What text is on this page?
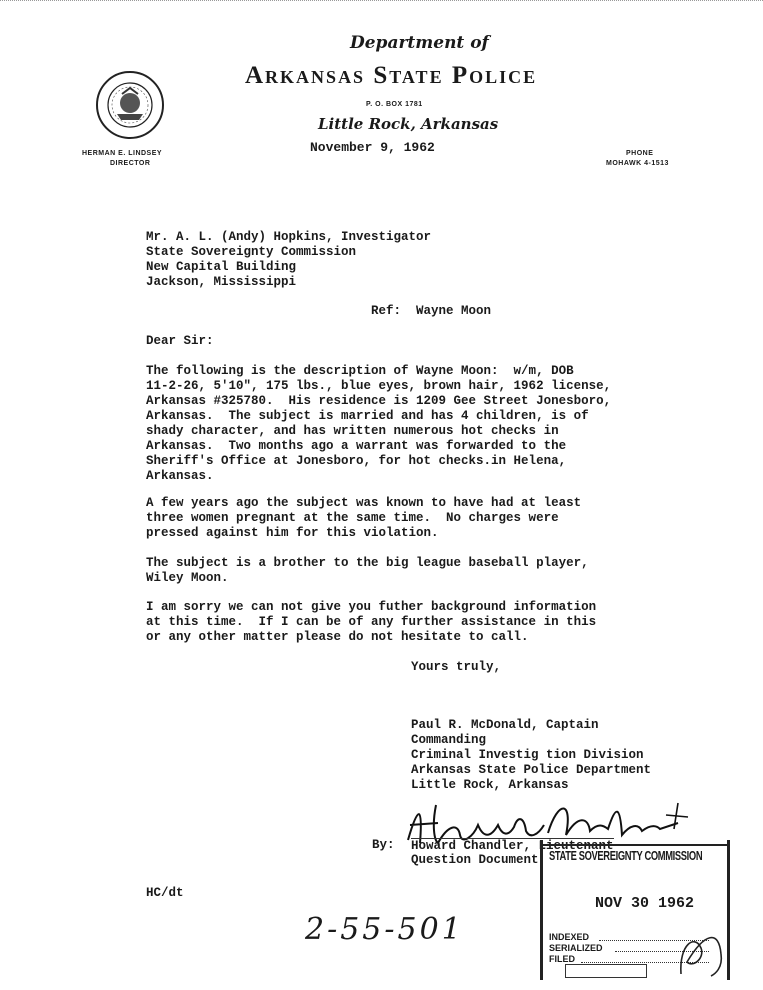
Department of
Arkansas State Police
P. O. BOX 1781
Little Rock, Arkansas
November 9, 1962
HERMAN E. LINDSEY
DIRECTOR
PHONE
MOHAWK 4-1513
Mr. A. L. (Andy) Hopkins, Investigator
State Sovereignty Commission
New Capital Building
Jackson, Mississippi
Ref:  Wayne Moon
Dear Sir:
The following is the description of Wayne Moon:  w/m, DOB
11-2-26, 5'10", 175 lbs., blue eyes, brown hair, 1962 license,
Arkansas #325780.  His residence is 1209 Gee Street Jonesboro,
Arkansas.  The subject is married and has 4 children, is of
shady character, and has written numerous hot checks in
Arkansas.  Two months ago a warrant was forwarded to the
Sheriff's Office at Jonesboro, for hot checks.in Helena,
Arkansas.
A few years ago the subject was known to have had at least
three women pregnant at the same time.  No charges were
pressed against him for this violation.
The subject is a brother to the big league baseball player,
Wiley Moon.
I am sorry we can not give you futher background information
at this time.  If I can be of any further assistance in this
or any other matter please do not hesitate to call.
Yours truly,
Paul R. McDonald, Captain
Commanding
Criminal Investig tion Division
Arkansas State Police Department
Little Rock, Arkansas
By: Howard Chandler, Lieutenant
Question Document STATE SOVEREIGNTY COMMISSION
NOV 30 1962
INDEXED
SERIALIZED
FILED
HC/dt
2-55-501
